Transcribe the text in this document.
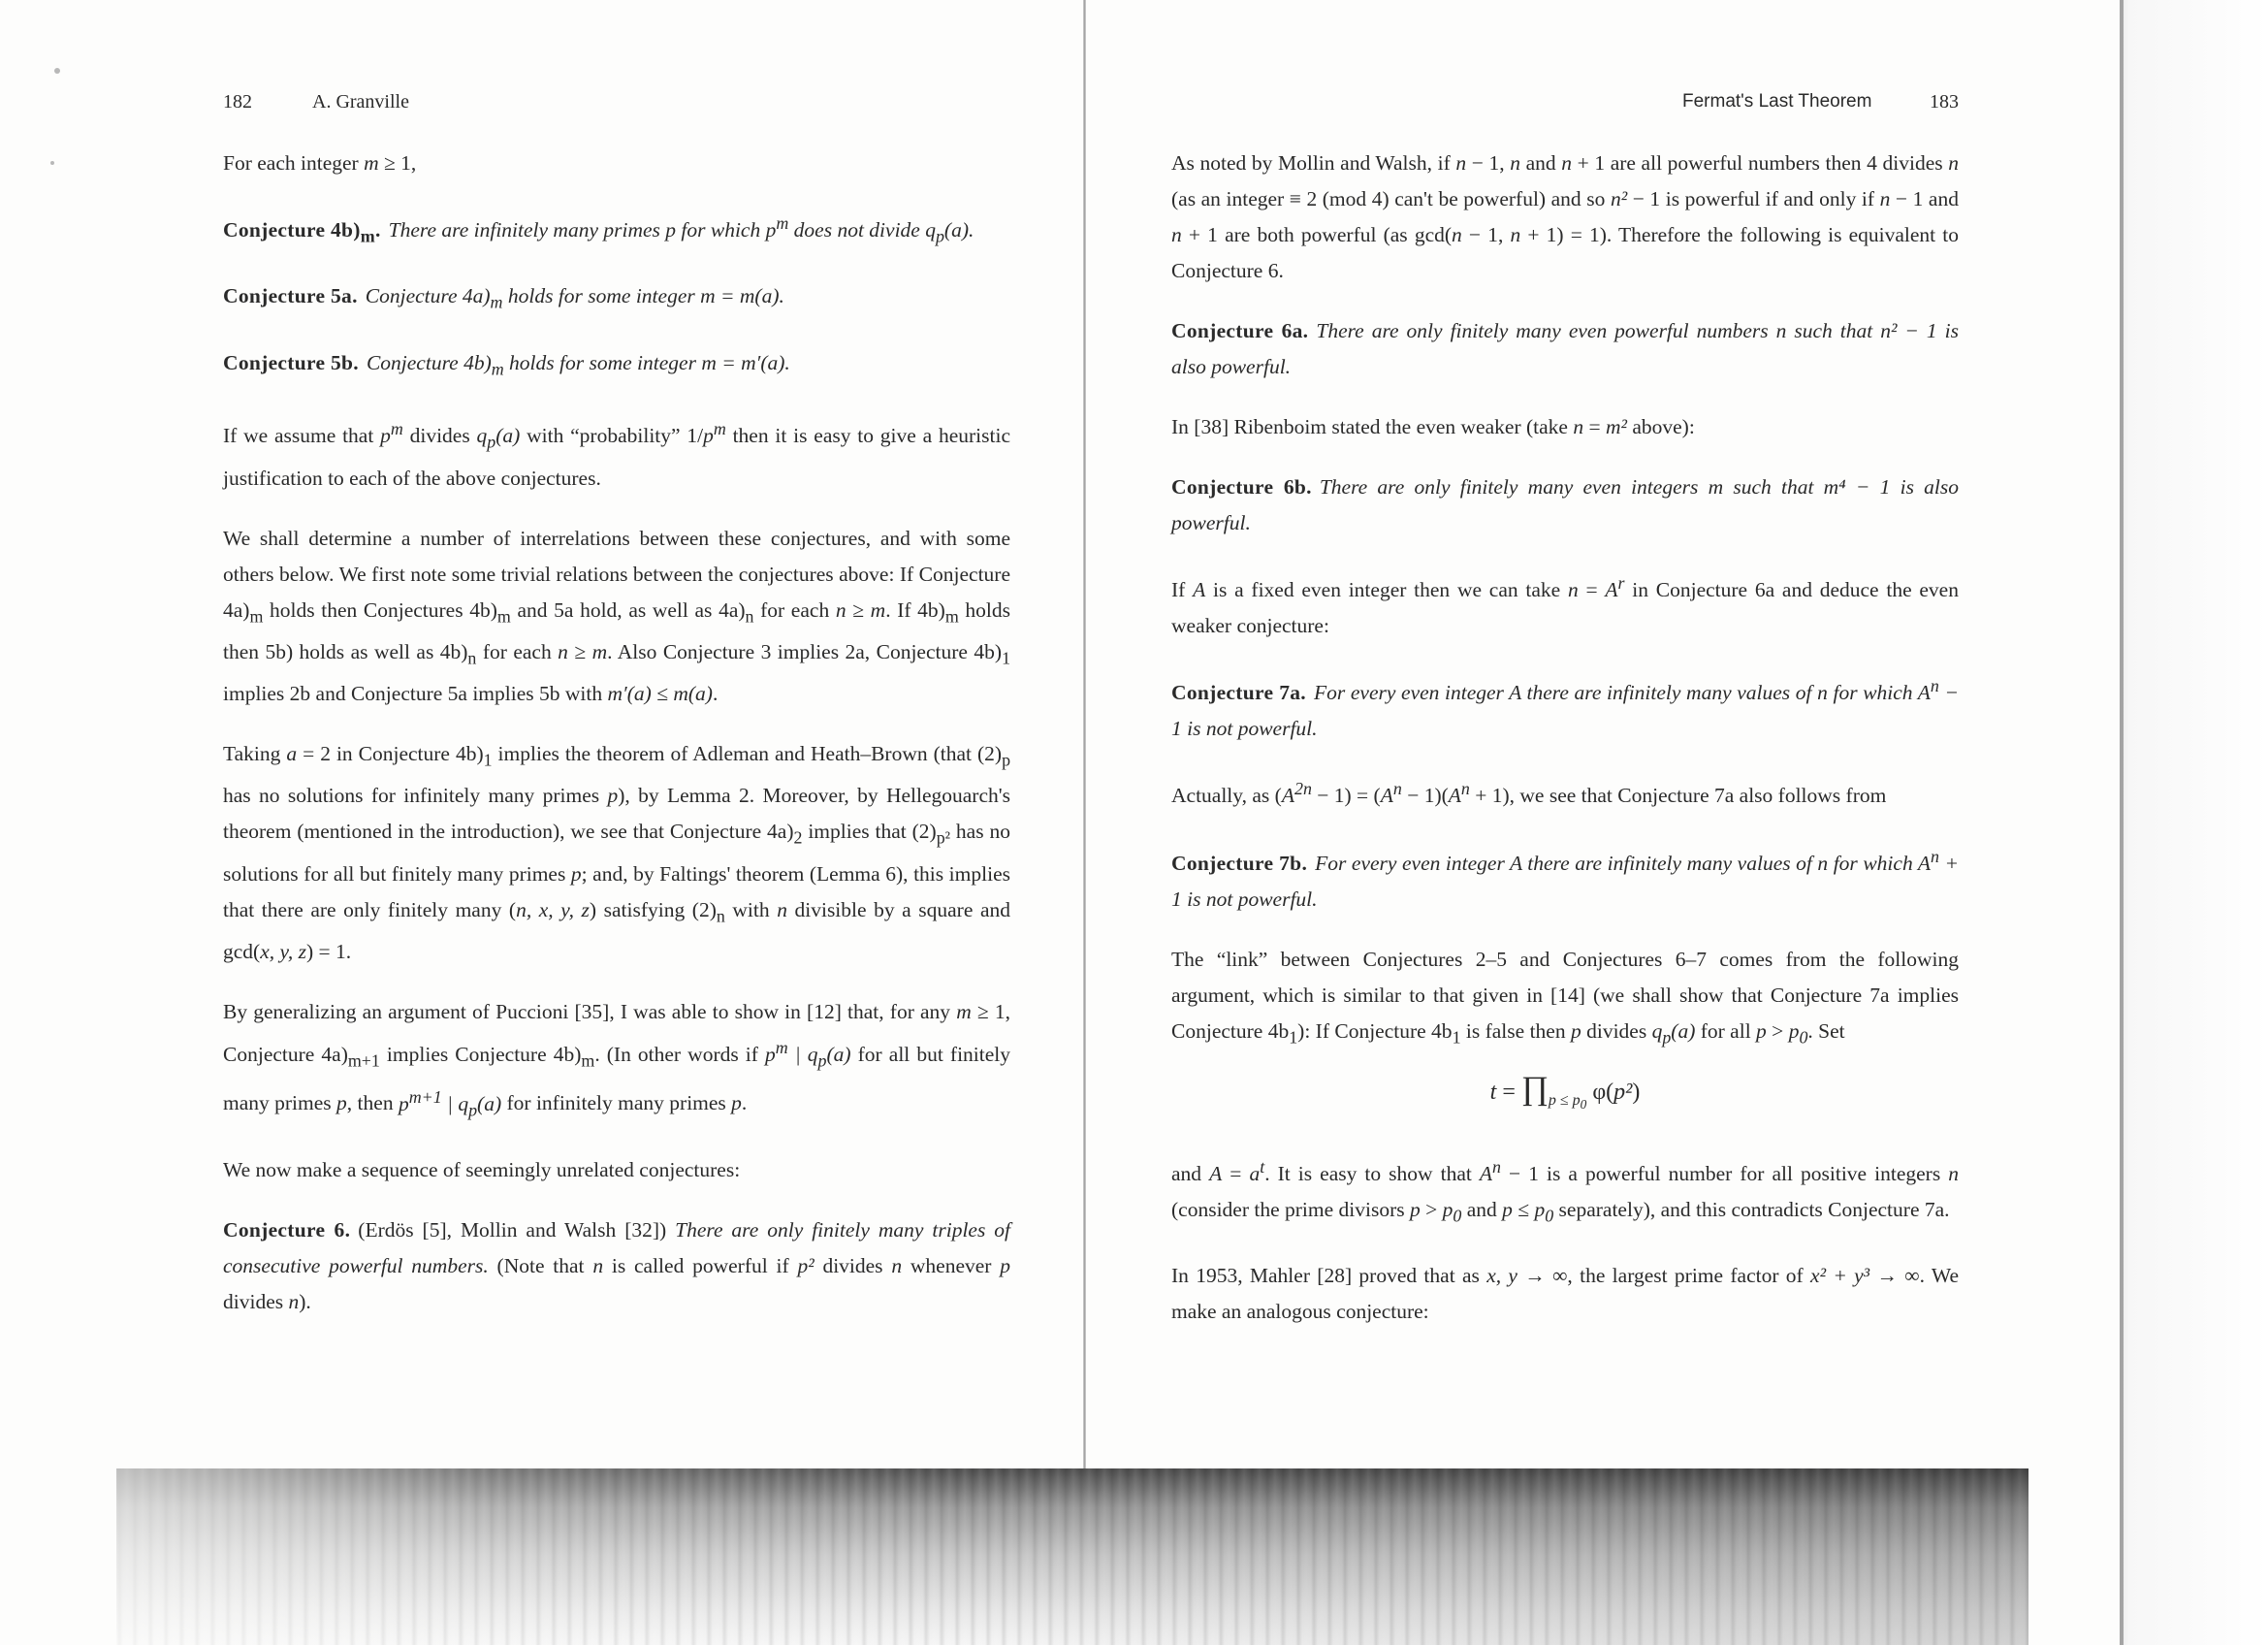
182	A. Granville

For each integer m ≥ 1,

Conjecture $4b)_m$. There are infinitely many primes p for which $p^m$ does not divide $q_p(a)$.

Conjecture 5a. Conjecture $4a)_m$ holds for some integer m = m(a).

Conjecture 5b. Conjecture $4b)_m$ holds for some integer m = m′(a).

If we assume that $p^m$ divides $q_p(a)$ with “probability” $1/p^m$ then it is easy to give a heuristic justification to each of the above conjectures.

We shall determine a number of interrelations between these conjectures, and with some others below. We first note some trivial relations between the conjectures above: If Conjecture $4a)_m$ holds then Conjectures $4b)_m$ and 5a hold, as well as $4a)_n$ for each n ≥ m. If $4b)_m$ holds then 5b) holds as well as $4b)_n$ for each n ≥ m. Also Conjecture 3 implies 2a, Conjecture $4b)_1$ implies 2b and Conjecture 5a implies 5b with m′(a) ≤ m(a).

Taking a = 2 in Conjecture $4b)_1$ implies the theorem of Adleman and Heath–Brown (that $(2)_p$ has no solutions for infinitely many primes p), by Lemma 2. Moreover, by Hellegouarch's theorem (mentioned in the introduction), we see that Conjecture $4a)_2$ implies that $(2)_{p^2}$ has no solutions for all but finitely many primes p; and, by Faltings' theorem (Lemma 6), this implies that there are only finitely many (n, x, y, z) satisfying $(2)_n$ with n divisible by a square and gcd(x, y, z) = 1.

By generalizing an argument of Puccioni [35], I was able to show in [12] that, for any m ≥ 1, Conjecture $4a)_{m+1}$ implies Conjecture $4b)_m$. (In other words if $p^m$ | $q_p(a)$ for all but finitely many primes p, then $p^{m+1}$ | $q_p(a)$ for infinitely many primes p.

We now make a sequence of seemingly unrelated conjectures:

Conjecture 6. (Erdös [5], Mollin and Walsh [32]) There are only finitely many triples of consecutive powerful numbers. (Note that n is called powerful if p² divides n whenever p divides n).

Fermat's Last Theorem	183

As noted by Mollin and Walsh, if n − 1, n and n + 1 are all powerful numbers then 4 divides n (as an integer ≡ 2 (mod 4) can't be powerful) and so n² − 1 is powerful if and only if n − 1 and n + 1 are both powerful (as gcd(n − 1, n + 1) = 1). Therefore the following is equivalent to Conjecture 6.

Conjecture 6a. There are only finitely many even powerful numbers n such that n² − 1 is also powerful.

In [38] Ribenboim stated the even weaker (take n = m² above):

Conjecture 6b. There are only finitely many even integers m such that m⁴ − 1 is also powerful.

If A is a fixed even integer then we can take $n = A^r$ in Conjecture 6a and deduce the even weaker conjecture:

Conjecture 7a. For every even integer A there are infinitely many values of n for which $A^n - 1$ is not powerful.

Actually, as $(A^{2n} - 1) = (A^n - 1)(A^n + 1)$, we see that Conjecture 7a also follows from

Conjecture 7b. For every even integer A there are infinitely many values of n for which $A^n + 1$ is not powerful.

The “link” between Conjectures 2–5 and Conjectures 6–7 comes from the following argument, which is similar to that given in [14] (we shall show that Conjecture 7a implies Conjecture $4b_1$): If Conjecture $4b_1$ is false then p divides $q_p(a)$ for all $p > p_0$. Set

$t = \prod_{p \le p_0}$ φ(p²)

and $A = a^t$. It is easy to show that $A^n - 1$ is a powerful number for all positive integers n (consider the prime divisors $p > p_0$ and $p \le p_0$ separately), and this contradicts Conjecture 7a.

In 1953, Mahler [28] proved that as x, y → ∞, the largest prime factor of x² + y³ → ∞. We make an analogous conjecture:
